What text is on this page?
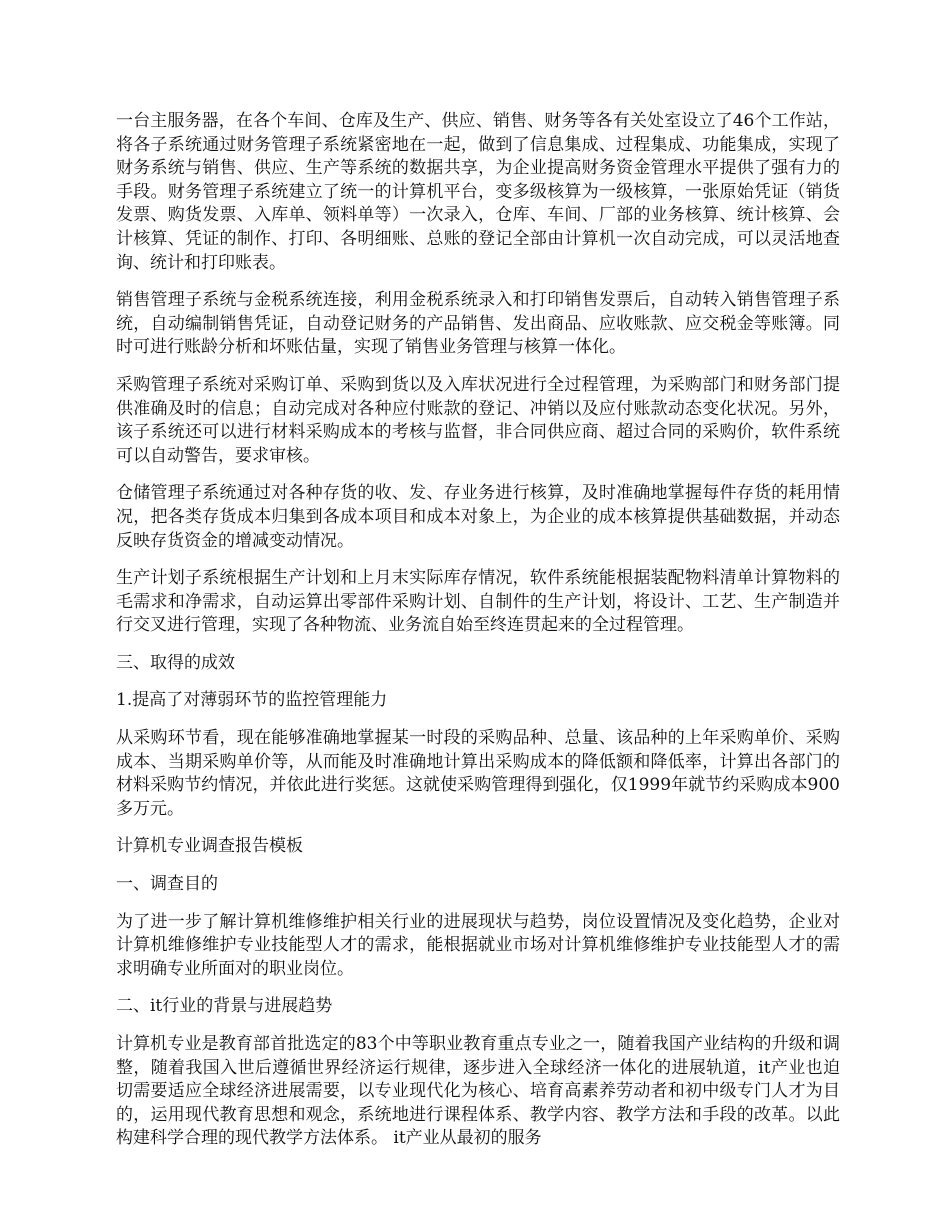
一台主服务器，在各个车间、仓库及生产、供应、销售、财务等各有关处室设立了46个工作站，将各子系统通过财务管理子系统紧密地在一起，做到了信息集成、过程集成、功能集成，实现了财务系统与销售、供应、生产等系统的数据共享，为企业提高财务资金管理水平提供了强有力的手段。财务管理子系统建立了统一的计算机平台，变多级核算为一级核算，一张原始凭证（销货发票、购货发票、入库单、领料单等）一次录入，仓库、车间、厂部的业务核算、统计核算、会计核算、凭证的制作、打印、各明细账、总账的登记全部由计算机一次自动完成，可以灵活地查询、统计和打印账表。

销售管理子系统与金税系统连接，利用金税系统录入和打印销售发票后，自动转入销售管理子系统，自动编制销售凭证，自动登记财务的产品销售、发出商品、应收账款、应交税金等账簿。同时可进行账龄分析和坏账估量，实现了销售业务管理与核算一体化。

采购管理子系统对采购订单、采购到货以及入库状况进行全过程管理，为采购部门和财务部门提供准确及时的信息；自动完成对各种应付账款的登记、冲销以及应付账款动态变化状况。另外，该子系统还可以进行材料采购成本的考核与监督，非合同供应商、超过合同的采购价，软件系统可以自动警告，要求审核。

仓储管理子系统通过对各种存货的收、发、存业务进行核算，及时准确地掌握每件存货的耗用情况，把各类存货成本归集到各成本项目和成本对象上，为企业的成本核算提供基础数据，并动态反映存货资金的增减变动情况。

生产计划子系统根据生产计划和上月末实际库存情况，软件系统能根据装配物料清单计算物料的毛需求和净需求，自动运算出零部件采购计划、自制件的生产计划，将设计、工艺、生产制造并行交叉进行管理，实现了各种物流、业务流自始至终连贯起来的全过程管理。

三、取得的成效

1.提高了对薄弱环节的监控管理能力

从采购环节看，现在能够准确地掌握某一时段的采购品种、总量、该品种的上年采购单价、采购成本、当期采购单价等，从而能及时准确地计算出采购成本的降低额和降低率，计算出各部门的材料采购节约情况，并依此进行奖惩。这就使采购管理得到强化，仅1999年就节约采购成本900多万元。

计算机专业调查报告模板

一、调查目的

为了进一步了解计算机维修维护相关行业的进展现状与趋势，岗位设置情况及变化趋势，企业对计算机维修维护专业技能型人才的需求，能根据就业市场对计算机维修维护专业技能型人才的需求明确专业所面对的职业岗位。

二、it行业的背景与进展趋势

计算机专业是教育部首批选定的83个中等职业教育重点专业之一，随着我国产业结构的升级和调整，随着我国入世后遵循世界经济运行规律，逐步进入全球经济一体化的进展轨道，it产业也迫切需要适应全球经济进展需要，以专业现代化为核心、培育高素养劳动者和初中级专门人才为目的，运用现代教育思想和观念，系统地进行课程体系、教学内容、教学方法和手段的改革。以此构建科学合理的现代教学方法体系。 it产业从最初的服务
